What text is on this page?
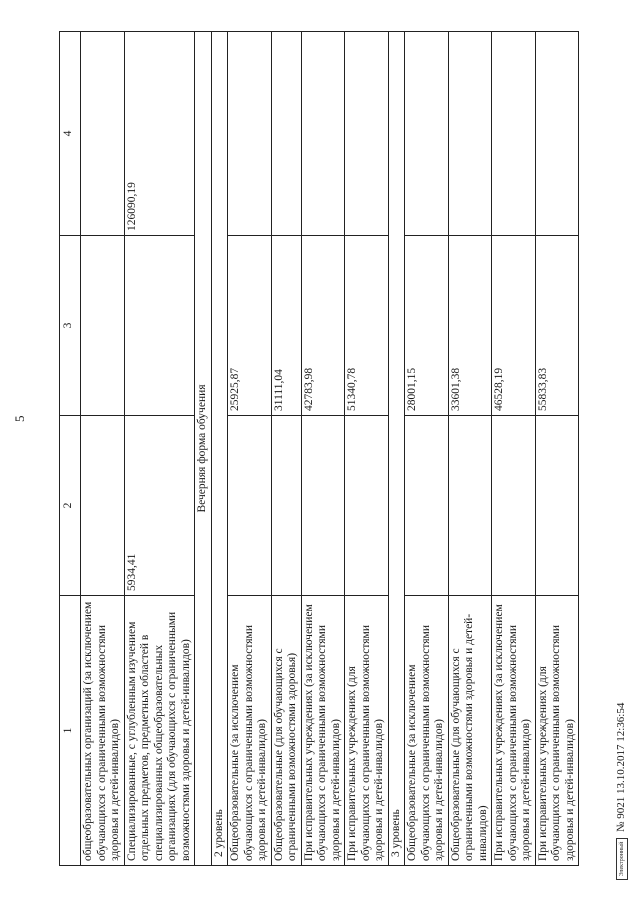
5
1	2	3	4
общеобразовательных организаций (за исключением обучающихся с ограниченными возможностями здоровья и детей-инвалидов)			
Специализированные, с углубленным изучением отдельных предметов, предметных областей в специализированных общеобразовательных организациях (для обучающихся с ограниченными возможностями здоровья и детей-инвалидов)	5934,41		126090,19
Вечерняя форма обучения			
2 уровень			
Общеобразовательные (за исключением обучающихся с ограниченными возможностями здоровья и детей-инвалидов)		25925,87	
Общеобразовательные (для обучающихся с ограниченными возможностями здоровья)		31111,04	
При исправительных учреждениях (за исключением обучающихся с ограниченными возможностями здоровья и детей-инвалидов)		42783,98	
При исправительных учреждениях (для обучающихся с ограниченными возможностями здоровья и детей-инвалидов)		51340,78	
3 уровень			
Общеобразовательные (за исключением обучающихся с ограниченными возможностями здоровья и детей-инвалидов)		28001,15	
Общеобразовательные (для обучающихся с ограниченными возможностями здоровья и детей-инвалидов)		33601,38	
При исправительных учреждениях (за исключением обучающихся с ограниченными возможностями здоровья и детей-инвалидов)		46528,19	
При исправительных учреждениях (для обучающихся с ограниченными возможностями здоровья и детей-инвалидов)		55833,83	
Электронный
№ 9021 13.10.2017 12:36:54
